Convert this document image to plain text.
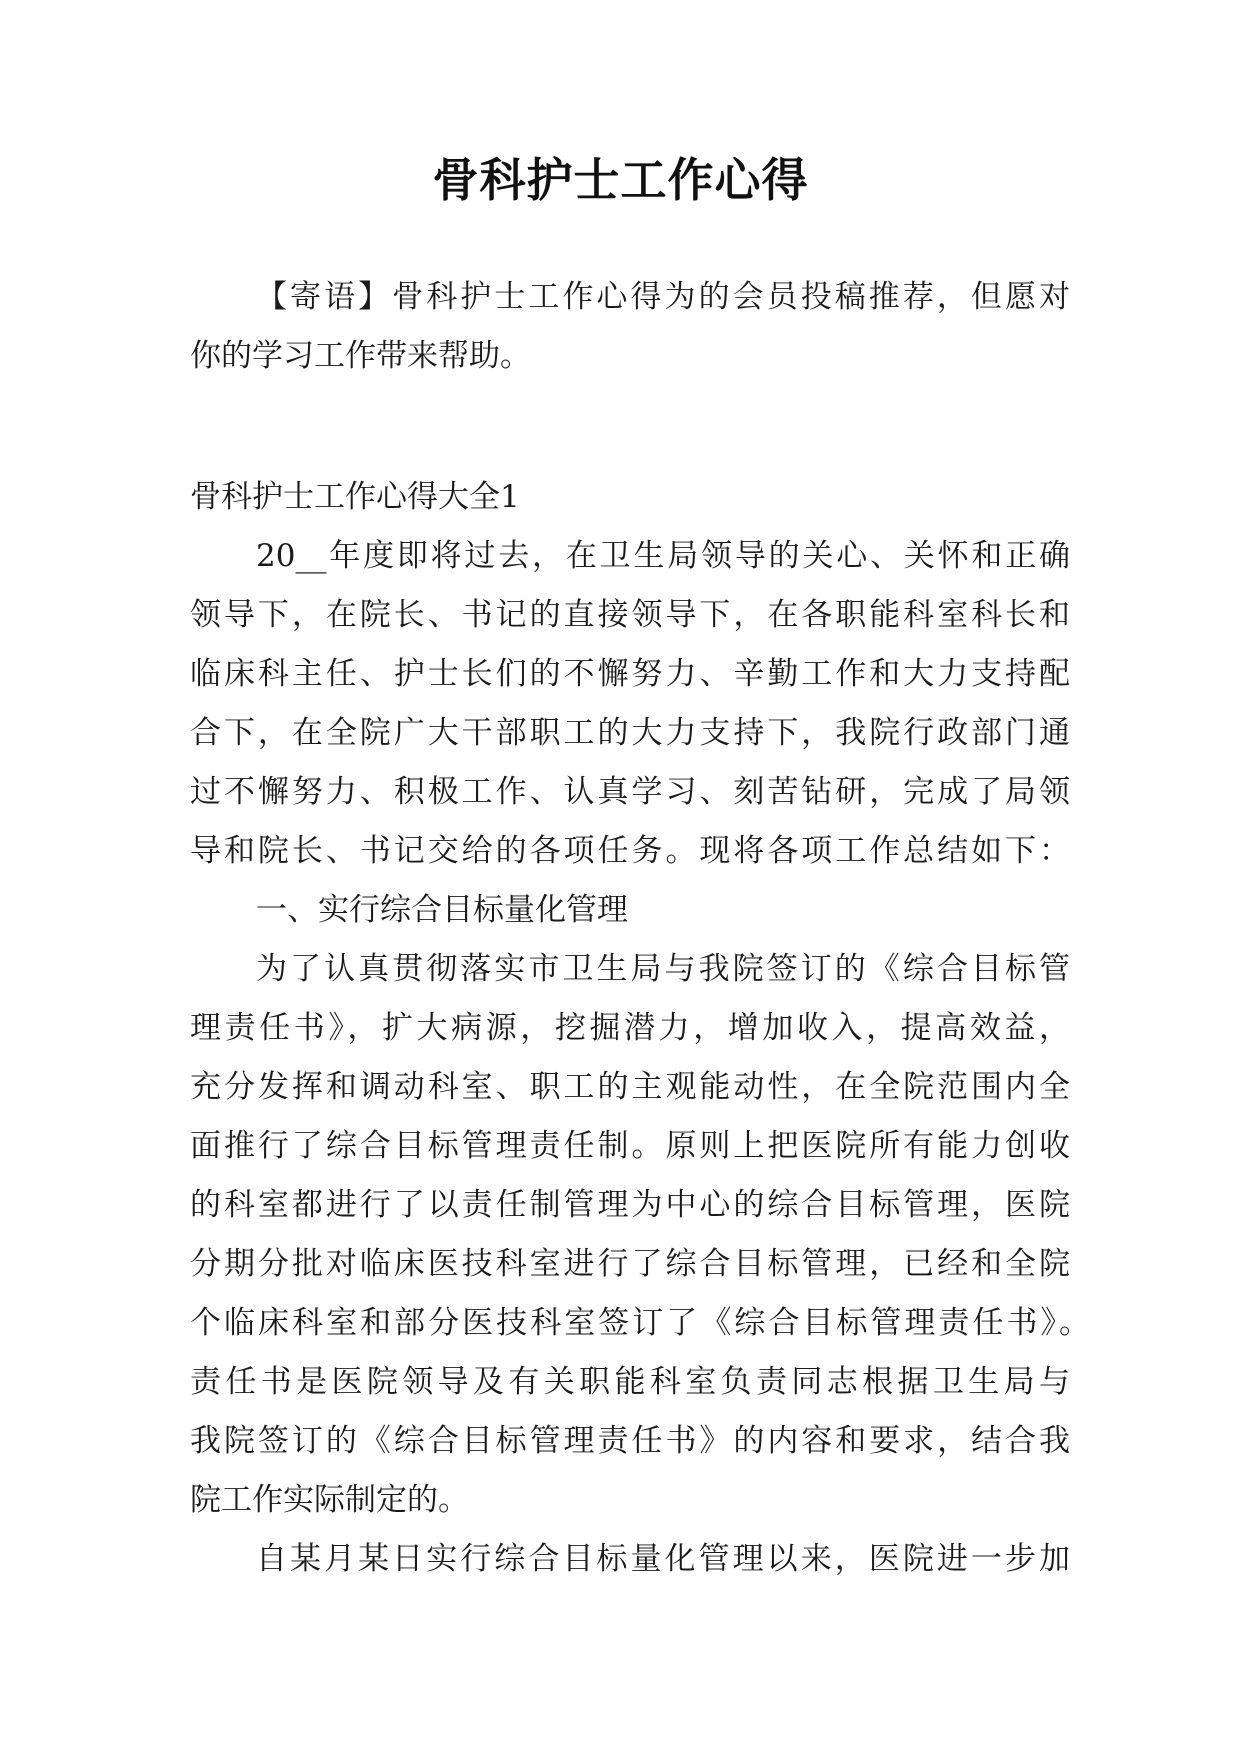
骨科护士工作心得

【寄语】骨科护士工作心得为的会员投稿推荐，但愿对

你的学习工作带来帮助。

骨科护士工作心得大全1

20__年度即将过去，在卫生局领导的关心、关怀和正确

领导下，在院长、书记的直接领导下，在各职能科室科长和

临床科主任、护士长们的不懈努力、辛勤工作和大力支持配

合下，在全院广大干部职工的大力支持下，我院行政部门通

过不懈努力、积极工作、认真学习、刻苦钻研，完成了局领

导和院长、书记交给的各项任务。现将各项工作总结如下：

一、实行综合目标量化管理

为了认真贯彻落实市卫生局与我院签订的《综合目标管

理责任书》，扩大病源，挖掘潜力，增加收入，提高效益，

充分发挥和调动科室、职工的主观能动性，在全院范围内全

面推行了综合目标管理责任制。原则上把医院所有能力创收

的科室都进行了以责任制管理为中心的综合目标管理，医院

分期分批对临床医技科室进行了综合目标管理，已经和全院

个临床科室和部分医技科室签订了《综合目标管理责任书》。

责任书是医院领导及有关职能科室负责同志根据卫生局与

我院签订的《综合目标管理责任书》的内容和要求，结合我

院工作实际制定的。

自某月某日实行综合目标量化管理以来，医院进一步加
